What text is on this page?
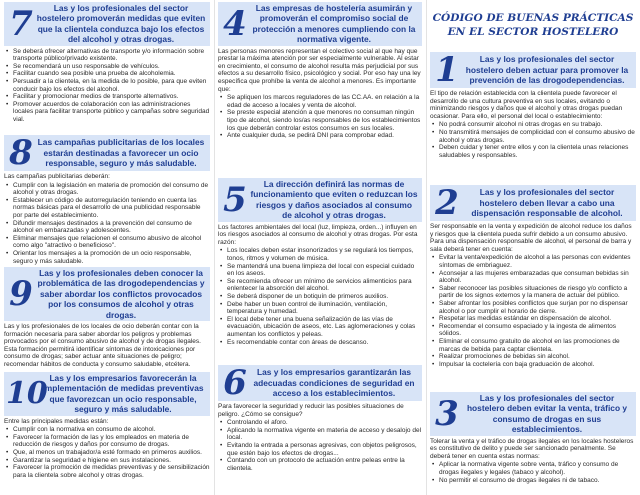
7	Las y los profesionales del sector hostelero promoverán medidas que eviten que la clientela conduzca bajo los efectos del alcohol y otras drogas.
• Se deberá ofrecer alternativas de transporte y/o información sobre transporte público/privado existente.
• Se recomendará un uso responsable de vehículos.
• Facilitar cuando sea posible una prueba de alcoholemia.
• Persuadir a la clientela, en la medida de lo posible, para que eviten conducir bajo los efectos del alcohol.
• Facilitar y promocionar medios de transporte alternativos.
• Promover acuerdos de colaboración con las administraciones locales para facilitar transporte público y campañas sobre seguridad vial.
8 Las campañas publicitarias de los locales estarán destinadas a favorecer un ocio responsable, seguro y más saludable.
Las campañas publicitarias deberán:
• Cumplir con la legislación en materia de promoción del consumo de alcohol y otras drogas.
• Establecer un código de autorregulación teniendo en cuenta las normas básicas para el desarrollo de una publicidad responsable por parte del establecimiento.
• Difundir mensajes destinados a la prevención del consumo de alcohol en embarazadas y adolescentes.
• Eliminar mensajes que relacionen el consumo abusivo de alcohol como algo "atractivo o beneficioso".
• Orientar los mensajes a la promoción de un ocio responsable, seguro y más saludable.
9
Las y los profesionales deben conocer la problemática de las drogodependencias y saber abordar los conflictos provocados por los consumos de alcohol y otras drogas.
Las y los profesionales de los locales de ocio deberán contar con la formación necesaria para saber abordar los peligros y problemas provocados por el consumo abusivo de alcohol y de drogas ilegales. Esta formación permitirá identificar síntomas de intoxicaciones por consumo de drogas; saber actuar ante situaciones de peligro; recomendar hábitos de conducta y consumo saludable, etcétera.
10 Las y los empresarios favorecerán la implementación de medidas preventivas que favorezcan un ocio responsable, seguro y más saludable.
Entre las principales medidas están:
• Cumplir con la normativa en consumo de alcohol.
• Favorecer la formación de las y los empleados en materia de reducción de riesgos y daños por consumo de drogas.
• Que, al menos un trabajador/a esté formado en primeros auxilios.
• Garantizar la seguridad e higiene en sus instalaciones.
• Favorecer la promoción de medidas preventivas y de sensibilización para la clientela sobre alcohol y otras drogas.
4	Las empresas de hostelería asumirán y promoverán el compromiso social de protección a menores cumpliendo con la normativa vigente.
Las personas menores representan el colectivo social al que hay que prestar la máxima atención por ser especialmente vulnerable. Al estar en crecimiento, el consumo de alcohol resulta más perjudicial por sus efectos a su desarrollo físico, psicológico y social. Por eso hay una ley específica que prohíbe la venta de alcohol a menores. Es importante que:
• Se apliquen los marcos reguladores de las CC.AA. en relación a la edad de acceso a locales y venta de alcohol.
• Se preste especial atención a que menores no consuman ningún tipo de alcohol, siendo los/as responsables de los establecimientos los que deberán controlar estos consumos en sus locales.
• Ante cualquier duda, se pedirá DNI para comprobar edad.
5	La dirección definirá las normas de funcionamiento que eviten o reduzcan los riesgos y daños asociados al consumo de alcohol y otras drogas.
Los factores ambientales del local (luz, limpieza, orden...) influyen en los riesgos asociados al consumo de alcohol y otras drogas. Por esta razón:
• Los locales deben estar insonorizados y se regulará los tiempos, tonos, ritmos y volumen de música.
• Se mantendrá una buena limpieza del local con especial cuidado en los aseos.
• Se recomienda ofrecer un mínimo de servicios alimenticios para enlentecer la absorción del alcohol.
• Se deberá disponer de un botiquín de primeros auxilios.
• Debe haber un buen control de iluminación, ventilación, temperatura y humedad.
• El local debe tener una buena señalización de las vías de evacuación, ubicación de aseos, etc. Las aglomeraciones y colas aumentan los conflictos y peleas.
• Es recomendable contar con áreas de descanso.
6	Las y los empresarios garantizarán las adecuadas condiciones de seguridad en acceso a los establecimientos.
Para favorecer la seguridad y reducir las posibles situaciones de peligro. ¿Cómo se consigue?
• Controlando el aforo.
• Aplicando la normativa vigente en materia de acceso y desalojo del local.
• Evitando la entrada a personas agresivas, con objetos peligrosos, que estén bajo los efectos de drogas...
• Contando con un protocolo de actuación entre peleas entre la clientela.
CÓDIGO DE BUENAS PRÁCTICAS
EN EL SECTOR HOSTELERO
1	Las y los profesionales del sector hostelero deben actuar para promover la prevención de las drogodependencias.
El tipo de relación establecida con la clientela puede favorecer el desarrollo de una cultura preventiva en sus locales, evitando o minimizando riesgos y daños que el alcohol y otras drogas puedan ocasionar. Para ello, el personal del local o establecimiento:
• No podrá consumir alcohol ni otras drogas en su trabajo.
• No transmitirá mensajes de complicidad con el consumo abusivo de alcohol y otras drogas.
• Deben cuidar y tener entre ellos y con la clientela unas relaciones saludables y responsables.
2	Las y los profesionales del sector hostelero deben llevar a cabo una dispensación responsable de alcohol.
Ser responsable en la venta y expedición de alcohol reduce los daños y riesgos que la clientela pueda sufrir debido a un consumo abusivo. Para una dispensación responsable de alcohol, el personal de barra y sala deberá tener en cuenta:
• Evitar la venta/expedición de alcohol a las personas con evidentes síntomas de embriaguez.
• Aconsejar a las mujeres embarazadas que consuman bebidas sin alcohol.
• Saber reconocer las posibles situaciones de riesgo y/o conflicto a partir de los signos externos y la manera de actuar del público.
• Saber afrontar los posibles conflictos que surjan por no dispensar alcohol o por cumplir el horario de cierre.
• Respetar las medidas estándar en dispensación de alcohol.
• Recomendar el consumo espaciado y la ingesta de alimentos sólidos.
• Eliminar el consumo gratuito de alcohol en las promociones de marcas de bebida para captar clientela.
• Realizar promociones de bebidas sin alcohol.
• Impulsar la coctelería con baja graduación de alcohol.
3	Las y los profesionales del sector hostelero deben evitar la venta, tráfico y consumo de drogas en sus establecimientos.
Tolerar la venta y el tráfico de drogas ilegales en los locales hosteleros es constitutivo de delito y puede ser sancionado penalmente. Se deberá tener en cuenta estas normas:
• Aplicar la normativa vigente sobre venta, tráfico y consumo de drogas ilegales y legales (tabaco y alcohol).
• No permitir el consumo de drogas ilegales ni de tabaco.
